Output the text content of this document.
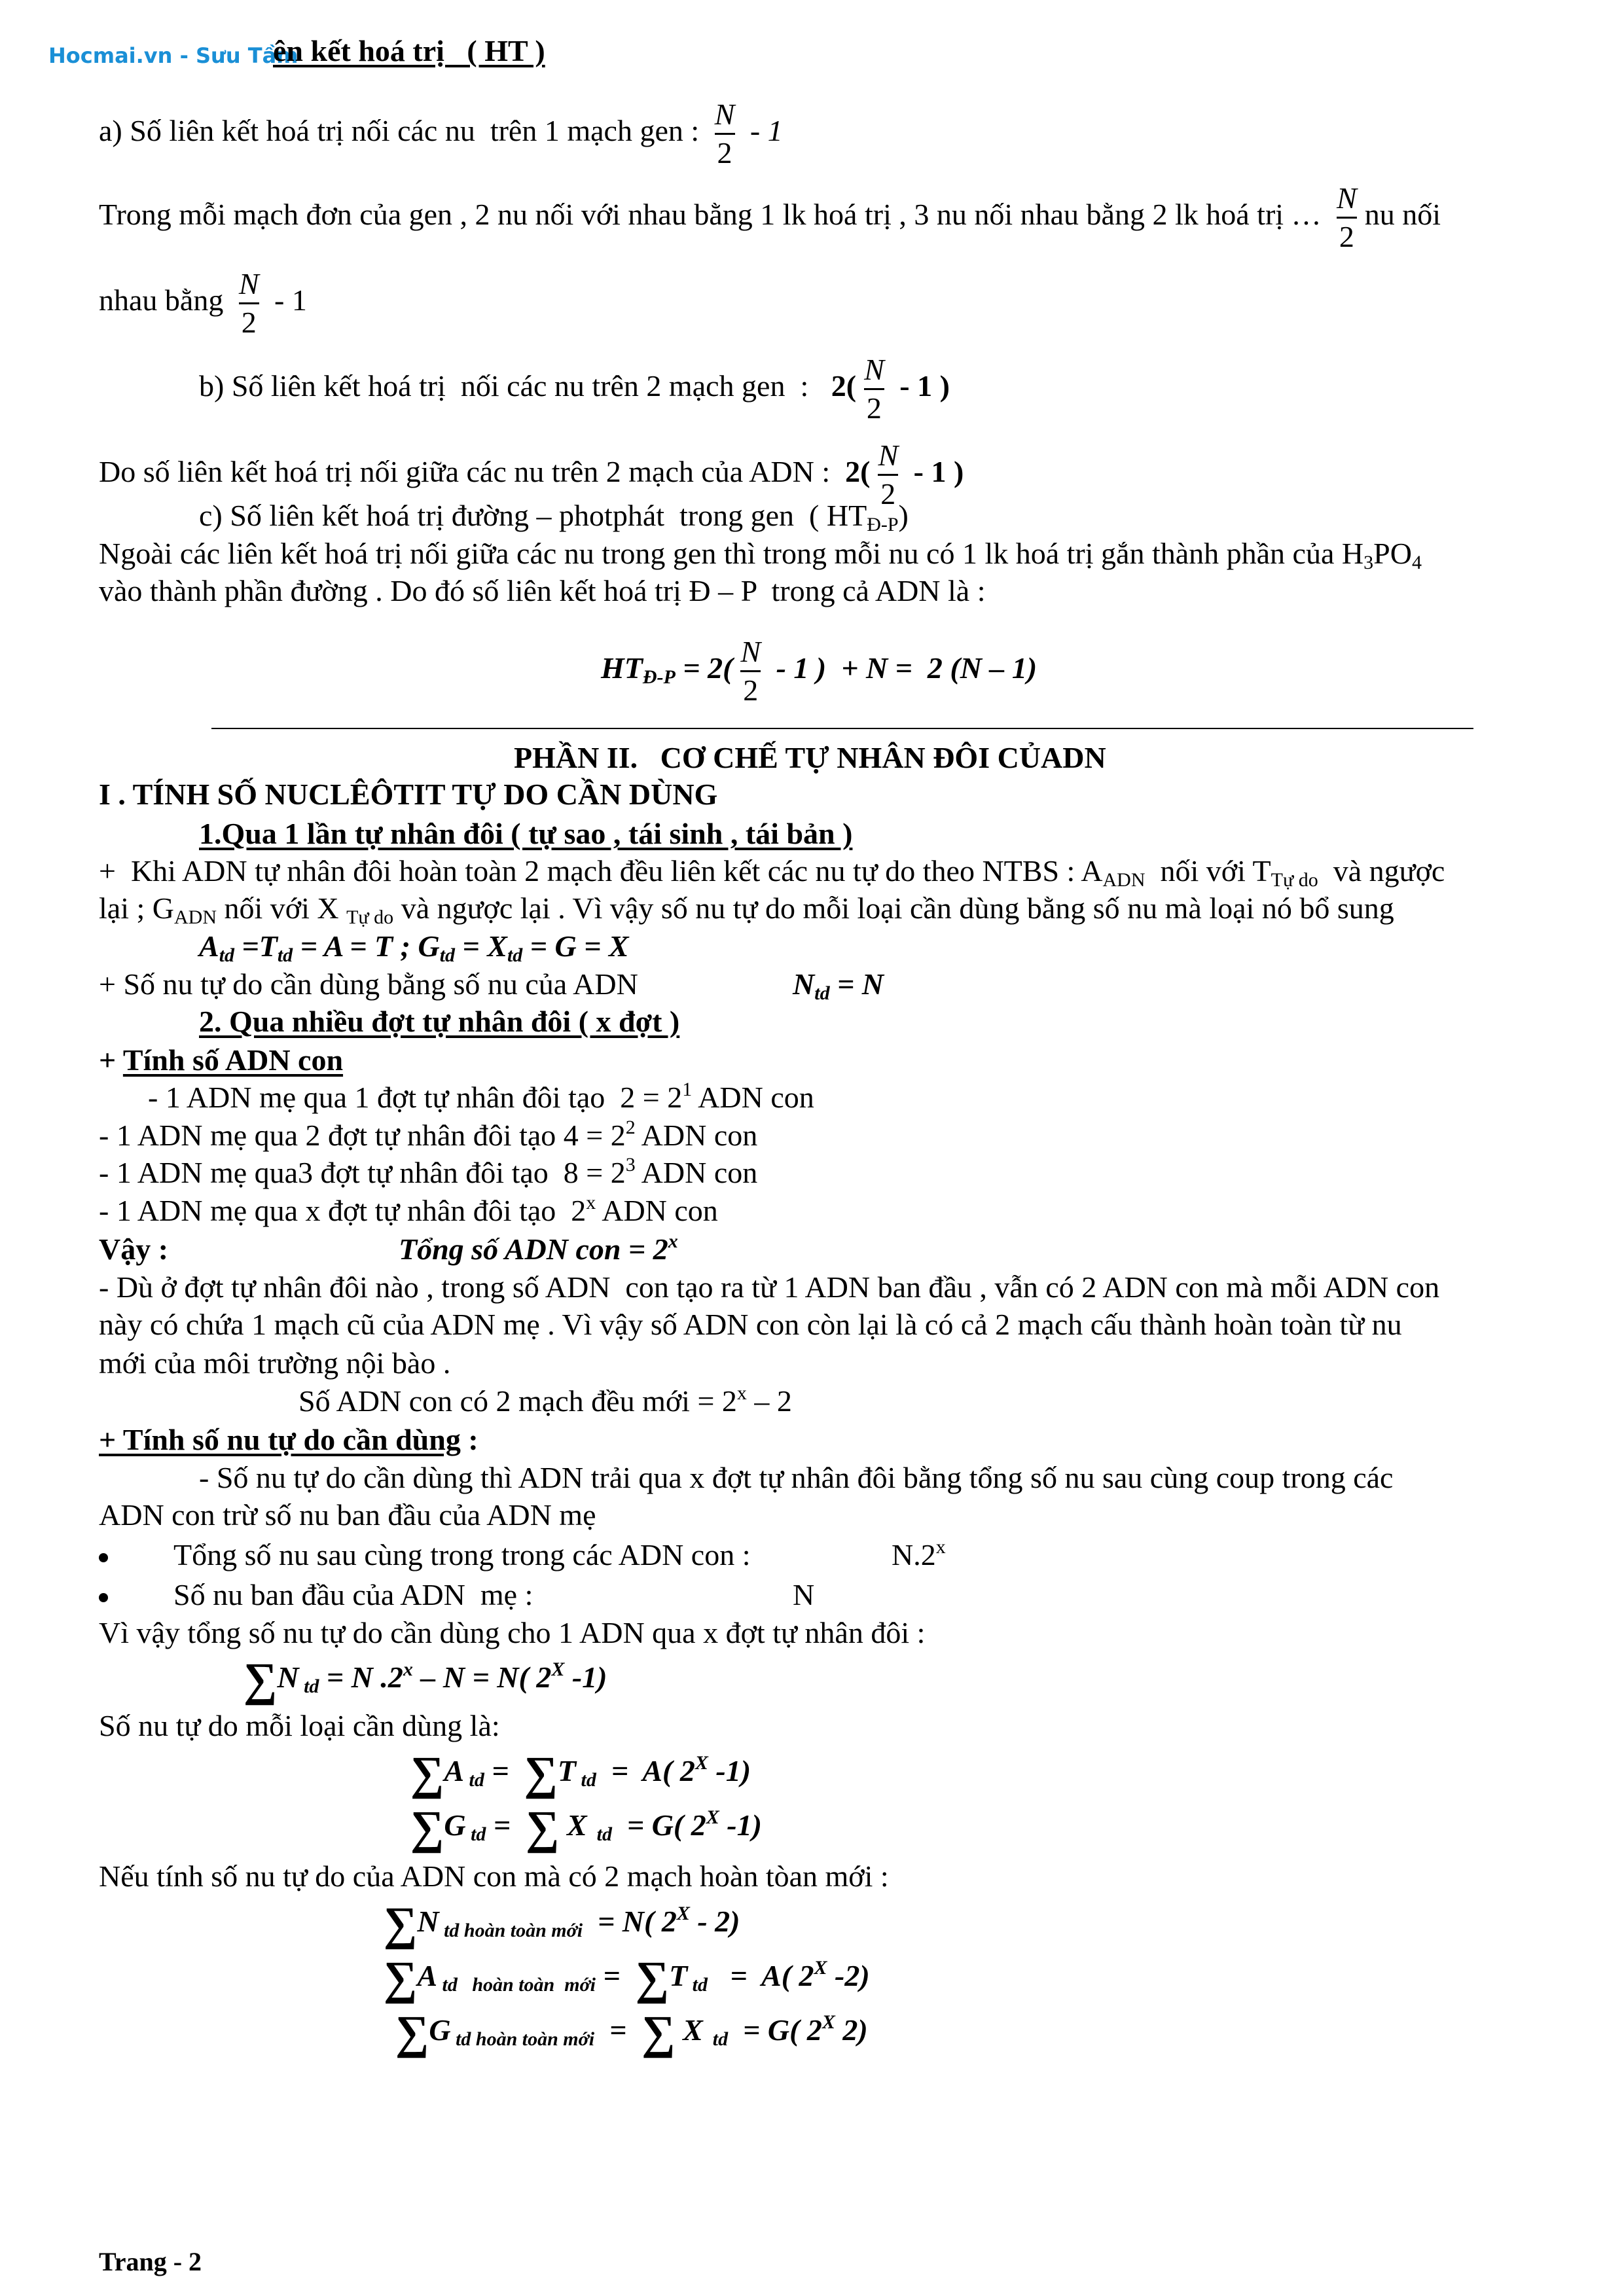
Hocmai.vn - Sưu Tầm
ên kết hoá trị   ( HT )
a) Số liên kết hoá trị nối các nu  trên 1 mạch gen : $\frac{N}{2} - 1$
Trong mỗi mạch đơn của gen , 2 nu nối với nhau bằng 1 lk hoá trị , 3 nu nối nhau bằng 2 lk hoá trị … $\frac{N}{2}$ nu nối
nhau bằng $\frac{N}{2} - 1$
b) Số liên kết hoá trị  nối các nu trên 2 mạch gen  :   $2( \frac{N}{2} - 1$ )
Do số liên kết hoá trị nối giữa các nu trên 2 mạch của ADN :  $2( \frac{N}{2} - 1$ )
c) Số liên kết hoá trị đường – photphát  trong gen  ( $HT_{Đ-P}$)
Ngoài các liên kết hoá trị nối giữa các nu trong gen thì trong mỗi nu có 1 lk hoá trị gắn thành phần của $H_3PO_4$
vào thành phần đường . Do đó số liên kết hoá trị Đ – P  trong cả ADN là :
$HT_{Đ-P} = 2( \frac{N}{2} - 1$ )  + N =  2 (N – 1)
PHẦN II.   CƠ CHẾ TỰ NHÂN ĐÔI CỦADN
I . TÍNH SỐ NUCLÊÔTIT TỰ DO CẦN DÙNG
1.Qua 1 lần tự nhân đôi ( tự sao , tái sinh , tái bản )
+  Khi ADN tự nhân đôi hoàn toàn 2 mạch đều liên kết các nu tự do theo NTBS : $A_{ADN}$  nối với $T_{Tự do}$  và ngược
lại ; $G_{ADN}$ nối với X $_{Tự do}$ và ngược lại . Vì vậy số nu tự do mỗi loại cần dùng bằng số nu mà loại nó bổ sung
$A_{td} =T_{td} = A = T$ ; $G_{td} = X_{td} = G = X$
+ Số nu tự do cần dùng bằng số nu của ADN	$N_{td} = N$
2. Qua nhiều đợt tự nhân đôi ( x đợt )
+ Tính số ADN con
- 1 ADN mẹ qua 1 đợt tự nhân đôi tạo  $2 = 2^1$ ADN con
- 1 ADN mẹ qua 2 đợt tự nhân đôi tạo $4 = 2^2$ ADN con
- 1 ADN mẹ qua3 đợt tự nhân đôi tạo  $8 = 2^3$ ADN con
- 1 ADN mẹ qua x đợt tự nhân đôi tạo  2$^x$ ADN con
Vậy :	Tổng số ADN con = $2^x$
- Dù ở đợt tự nhân đôi nào , trong số ADN  con tạo ra từ 1 ADN ban đầu , vẫn có 2 ADN con mà mỗi ADN con
này có chứa 1 mạch cũ của ADN mẹ . Vì vậy số ADN con còn lại là có cả 2 mạch cấu thành hoàn toàn từ nu
mới của môi trường nội bào .
Số ADN con có 2 mạch đều mới = $2^x - 2$
+ Tính số nu tự do cần dùng :
- Số nu tự do cần dùng thì ADN trải qua x đợt tự nhân đôi bằng tổng số nu sau cùng coup trong các
ADN con trừ số nu ban đầu của ADN mẹ
Tổng số nu sau cùng trong trong các ADN con :	N.2$^x$
Số nu ban đầu của ADN  mẹ :	N
Vì vậy tổng số nu tự do cần dùng cho 1 ADN qua x đợt tự nhân đôi :
∑N $_{td}$ = N .2$^x$ – N = N( $2^X$ -1)
Số nu tự do mỗi loại cần dùng là:
∑A $_{td}$ =  ∑T $_{td}$  =  A( $2^X$ -1)
∑G $_{td}$ =  ∑ X  $_{td}$  = G( $2^X$ -1)
Nếu tính số nu tự do của ADN con mà có 2 mạch hoàn tòan mới :
∑N $_{td hoàn toàn mới}$  = N( $2^X - 2$)
∑A $_{td hoàn toàn mới}$ =  ∑T $_{td}$   =  A( $2^X$ -2)
∑G $_{td hoàn toàn mới}$  =  ∑ X  $_{td}$  = G( $2^X$ 2)
Trang - 2
